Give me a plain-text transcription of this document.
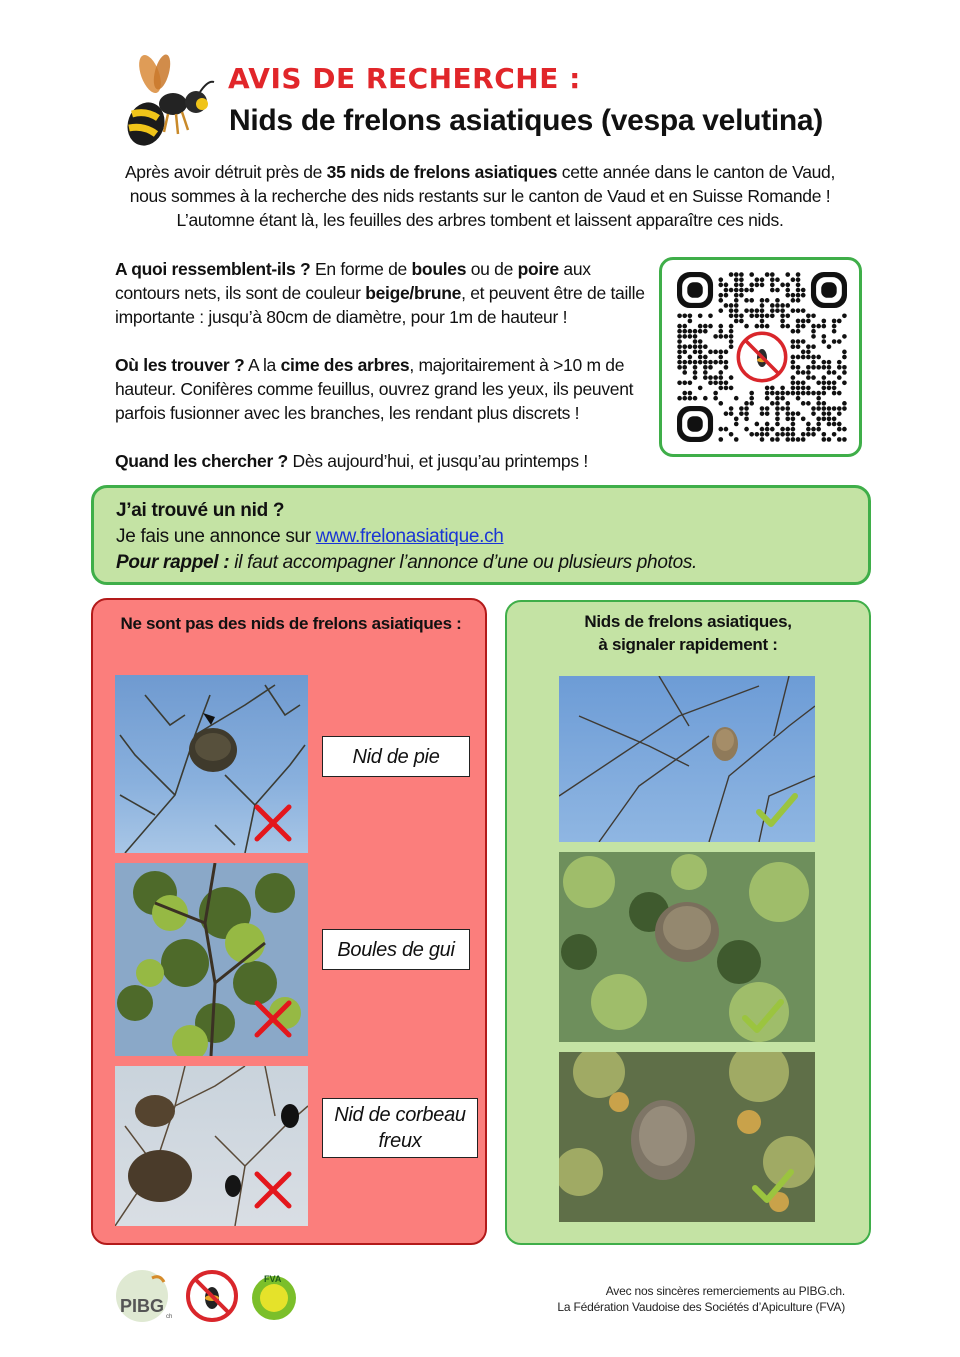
AVIS DE RECHERCHE :
Nids de frelons asiatiques (vespa velutina)

Après avoir détruit près de 35 nids de frelons asiatiques cette année dans le canton de Vaud,

nous sommes à la recherche des nids restants sur le canton de Vaud et en Suisse Romande !

L’automne étant là, les feuilles des arbres tombent et laissent apparaître ces nids.

A quoi ressemblent-ils ? En forme de boules ou de poire aux contours nets, ils sont de couleur beige/brune, et peuvent être de taille importante : jusqu’à 80cm de diamètre, pour 1m de hauteur !

Où les trouver ? A la cime des arbres, majoritairement à >10 m de hauteur. Conifères comme feuillus, ouvrez grand les yeux, ils peuvent parfois fusionner avec les branches, les rendant plus discrets !

Quand les chercher ? Dès aujourd’hui, et jusqu’au printemps !

J’ai trouvé un nid ?
Je fais une annonce sur www.frelonasiatique.ch
Pour rappel : il faut accompagner l’annonce d’une ou plusieurs photos.
Ne sont pas des nids de frelons asiatiques :
Nid de pie
Boules de gui
Nid de corbeau freux
Nids de frelons asiatiques,
à signaler rapidement :
PIBG
ch
FVA
Avec nos sincères remerciements au PIBG.ch.
La Fédération Vaudoise des Sociétés d’Apiculture (FVA)
